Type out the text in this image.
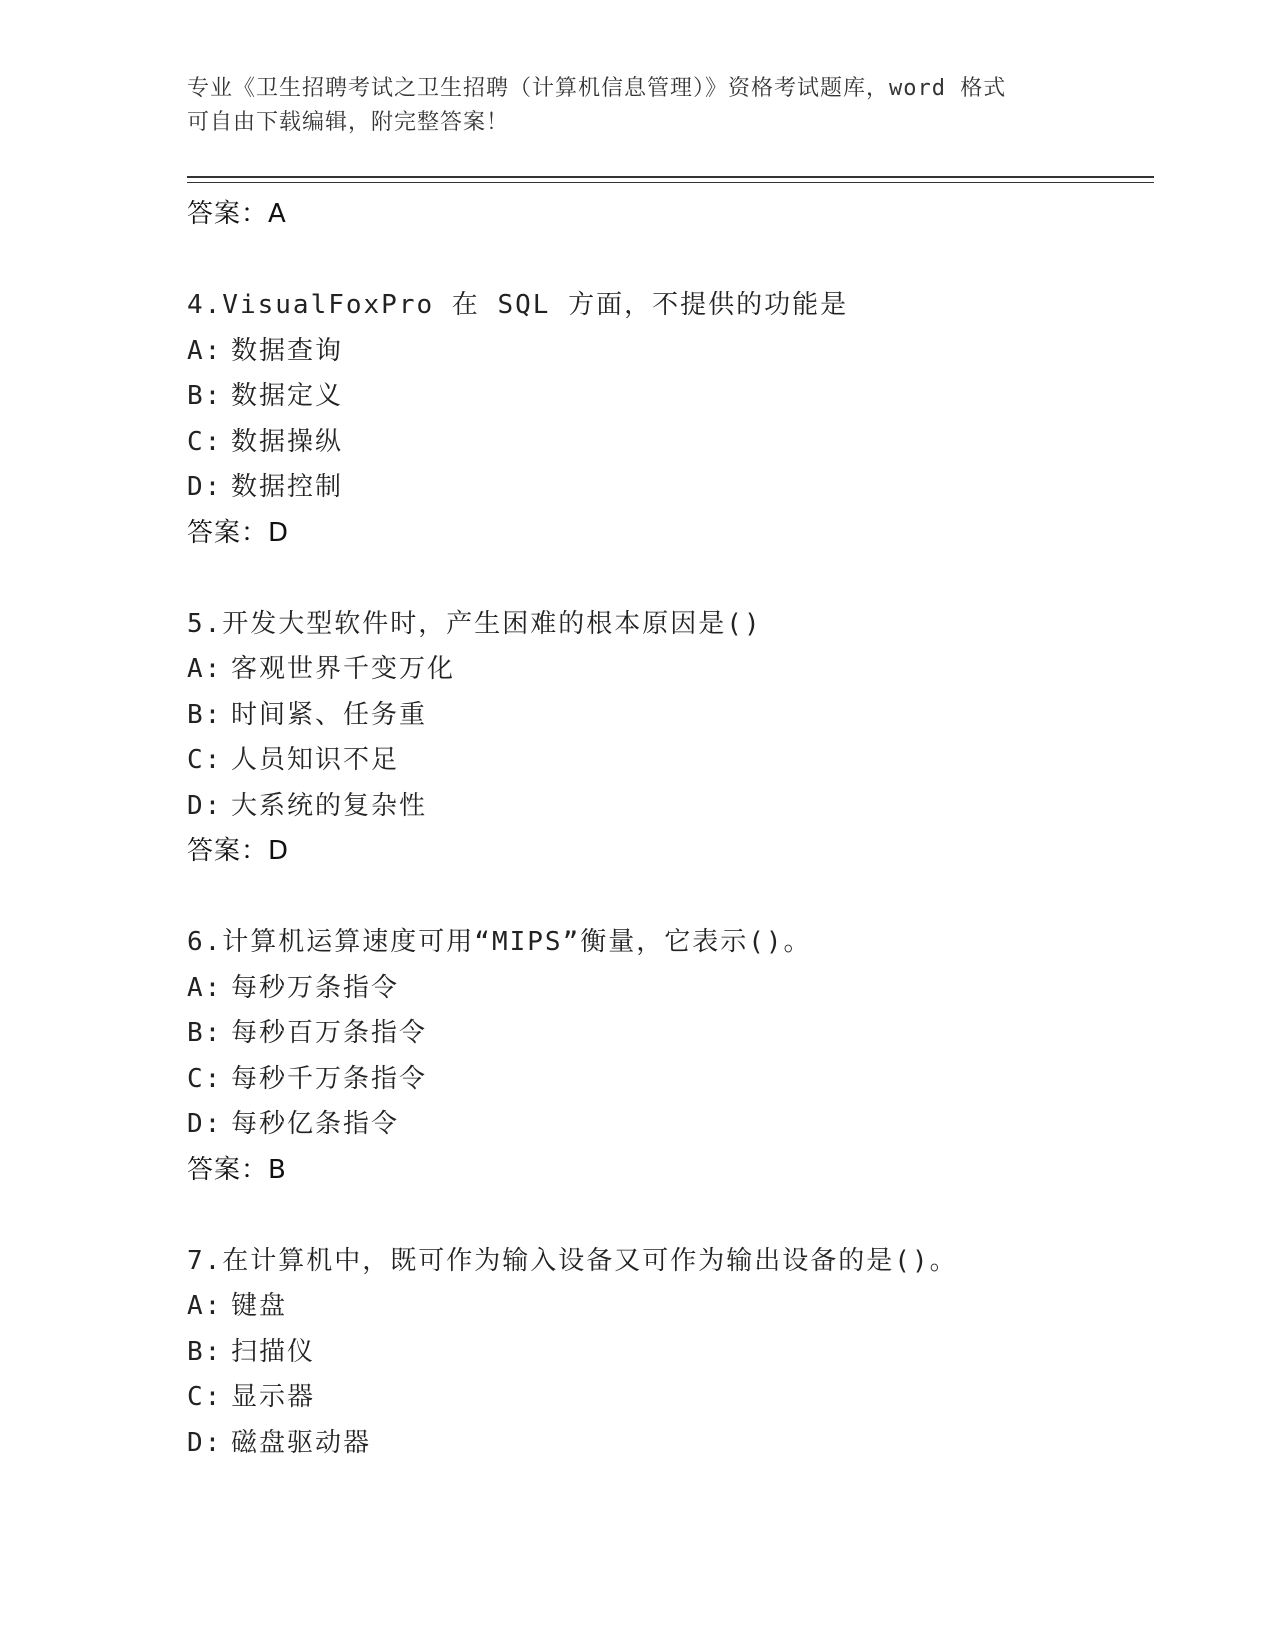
专业《卫生招聘考试之卫生招聘（计算机信息管理）》资格考试题库，word 格式
可自由下载编辑，附完整答案！
答案：A
4.VisualFoxPro 在 SQL 方面，不提供的功能是
A: 数据查询
B: 数据定义
C: 数据操纵
D: 数据控制
答案：D
5.开发大型软件时，产生困难的根本原因是()
A: 客观世界千变万化
B: 时间紧、任务重
C: 人员知识不足
D: 大系统的复杂性
答案：D
6.计算机运算速度可用“MIPS”衡量，它表示()。
A: 每秒万条指令
B: 每秒百万条指令
C: 每秒千万条指令
D: 每秒亿条指令
答案：B
7.在计算机中，既可作为输入设备又可作为输出设备的是()。
A: 键盘
B: 扫描仪
C: 显示器
D: 磁盘驱动器
